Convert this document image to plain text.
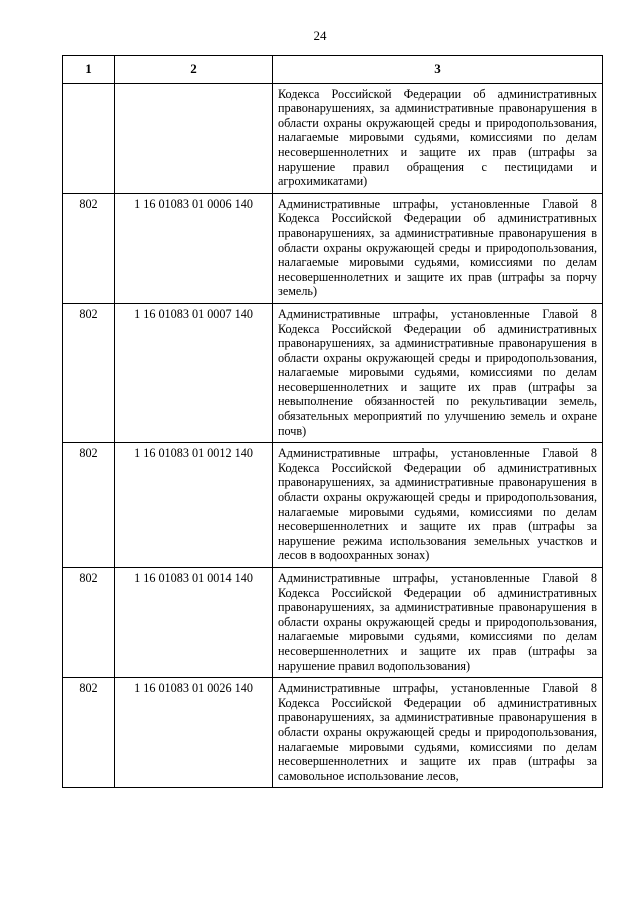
24
1	2	3
		Кодекса Российской Федерации об административных правонарушениях, за административные правонарушения в области охраны окружающей среды и природопользования, налагаемые мировыми судьями, комиссиями по делам несовершеннолетних и защите их прав (штрафы за нарушение правил обращения с пестицидами и агрохимикатами)
802	1 16 01083 01 0006 140	Административные штрафы, установленные Главой 8 Кодекса Российской Федерации об административных правонарушениях, за административные правонарушения в области охраны окружающей среды и природопользования, налагаемые мировыми судьями, комиссиями по делам несовершеннолетних и защите их прав (штрафы за порчу земель)
802	1 16 01083 01 0007 140	Административные штрафы, установленные Главой 8 Кодекса Российской Федерации об административных правонарушениях, за административные правонарушения в области охраны окружающей среды и природопользования, налагаемые мировыми судьями, комиссиями по делам несовершеннолетних и защите их прав (штрафы за невыполнение обязанностей по рекультивации земель, обязательных мероприятий по улучшению земель и охране почв)
802	1 16 01083 01 0012 140	Административные штрафы, установленные Главой 8 Кодекса Российской Федерации об административных правонарушениях, за административные правонарушения в области охраны окружающей среды и природопользования, налагаемые мировыми судьями, комиссиями по делам несовершеннолетних и защите их прав (штрафы за нарушение режима использования земельных участков и лесов в водоохранных зонах)
802	1 16 01083 01 0014 140	Административные штрафы, установленные Главой 8 Кодекса Российской Федерации об административных правонарушениях, за административные правонарушения в области охраны окружающей среды и природопользования, налагаемые мировыми судьями, комиссиями по делам несовершеннолетних и защите их прав (штрафы за нарушение правил водопользования)
802	1 16 01083 01 0026 140	Административные штрафы, установленные Главой 8 Кодекса Российской Федерации об административных правонарушениях, за административные правонарушения в области охраны окружающей среды и природопользования, налагаемые мировыми судьями, комиссиями по делам несовершеннолетних и защите их прав (штрафы за самовольное использование лесов,
